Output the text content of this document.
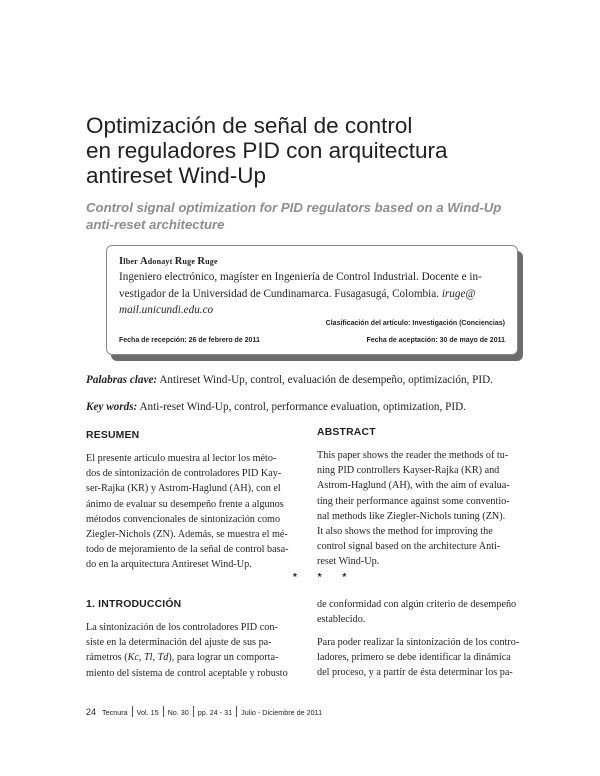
Optimización de señal de control
en reguladores PID con arquitectura
antireset Wind-Up
Control signal optimization for PID regulators based on a Wind-Up
anti-reset architecture
Ilber Adonayt Ruge Ruge
Ingeniero electrónico, magíster en Ingeniería de Control Industrial. Docente e in-
vestigador de la Universidad de Cundinamarca. Fusagasugá, Colombia. iruge@
mail.unicundi.edu.co
Clasificación del artículo: Investigación (Conciencias)
Fecha de recepción: 26 de febrero de 2011	Fecha de aceptación: 30 de mayo de 2011
Palabras clave: Antireset Wind-Up, control, evaluación de desempeño, optimización, PID.
Key words: Anti-reset Wind-Up, control, performance evaluation, optimization, PID.
RESUMEN	ABSTRACT
El presente artículo muestra al lector los méto-
dos de sintonización de controladores PID Kay-
ser-Rajka (KR) y Astrom-Haglund (AH), con el
ánimo de evaluar su desempeño frente a algunos
métodos convencionales de sintonización como
Ziegler-Nichols (ZN). Además, se muestra el mé-
todo de mejoramiento de la señal de control basa-
do en la arquitectura Antireset Wind-Up.
This paper shows the reader the methods of tu-
ning PID controllers Kayser-Rajka (KR) and
Astrom-Haglund (AH), with the aim of evalua-
ting their performance against some conventio-
nal methods like Ziegler-Nichols tuning (ZN).
It also shows the method for improving the
control signal based on the architecture Anti-
reset Wind-Up.
* * *
1. INTRODUCCIÓN
La sintonización de los controladores PID con-
siste en la determinación del ajuste de sus pa-
rámetros (Kc, Tl, Td), para lograr un comporta-
miento del sistema de control aceptable y robusto
de conformidad con algún criterio de desempeño
establecido.
Para poder realizar la sintonización de los contro-
ladores, primero se debe identificar la dinámica
del proceso, y a partir de ésta determinar los pa-
24 Tecnura Vol. 15 No. 30 pp. 24 - 31 Julio - Diciembre de 2011
